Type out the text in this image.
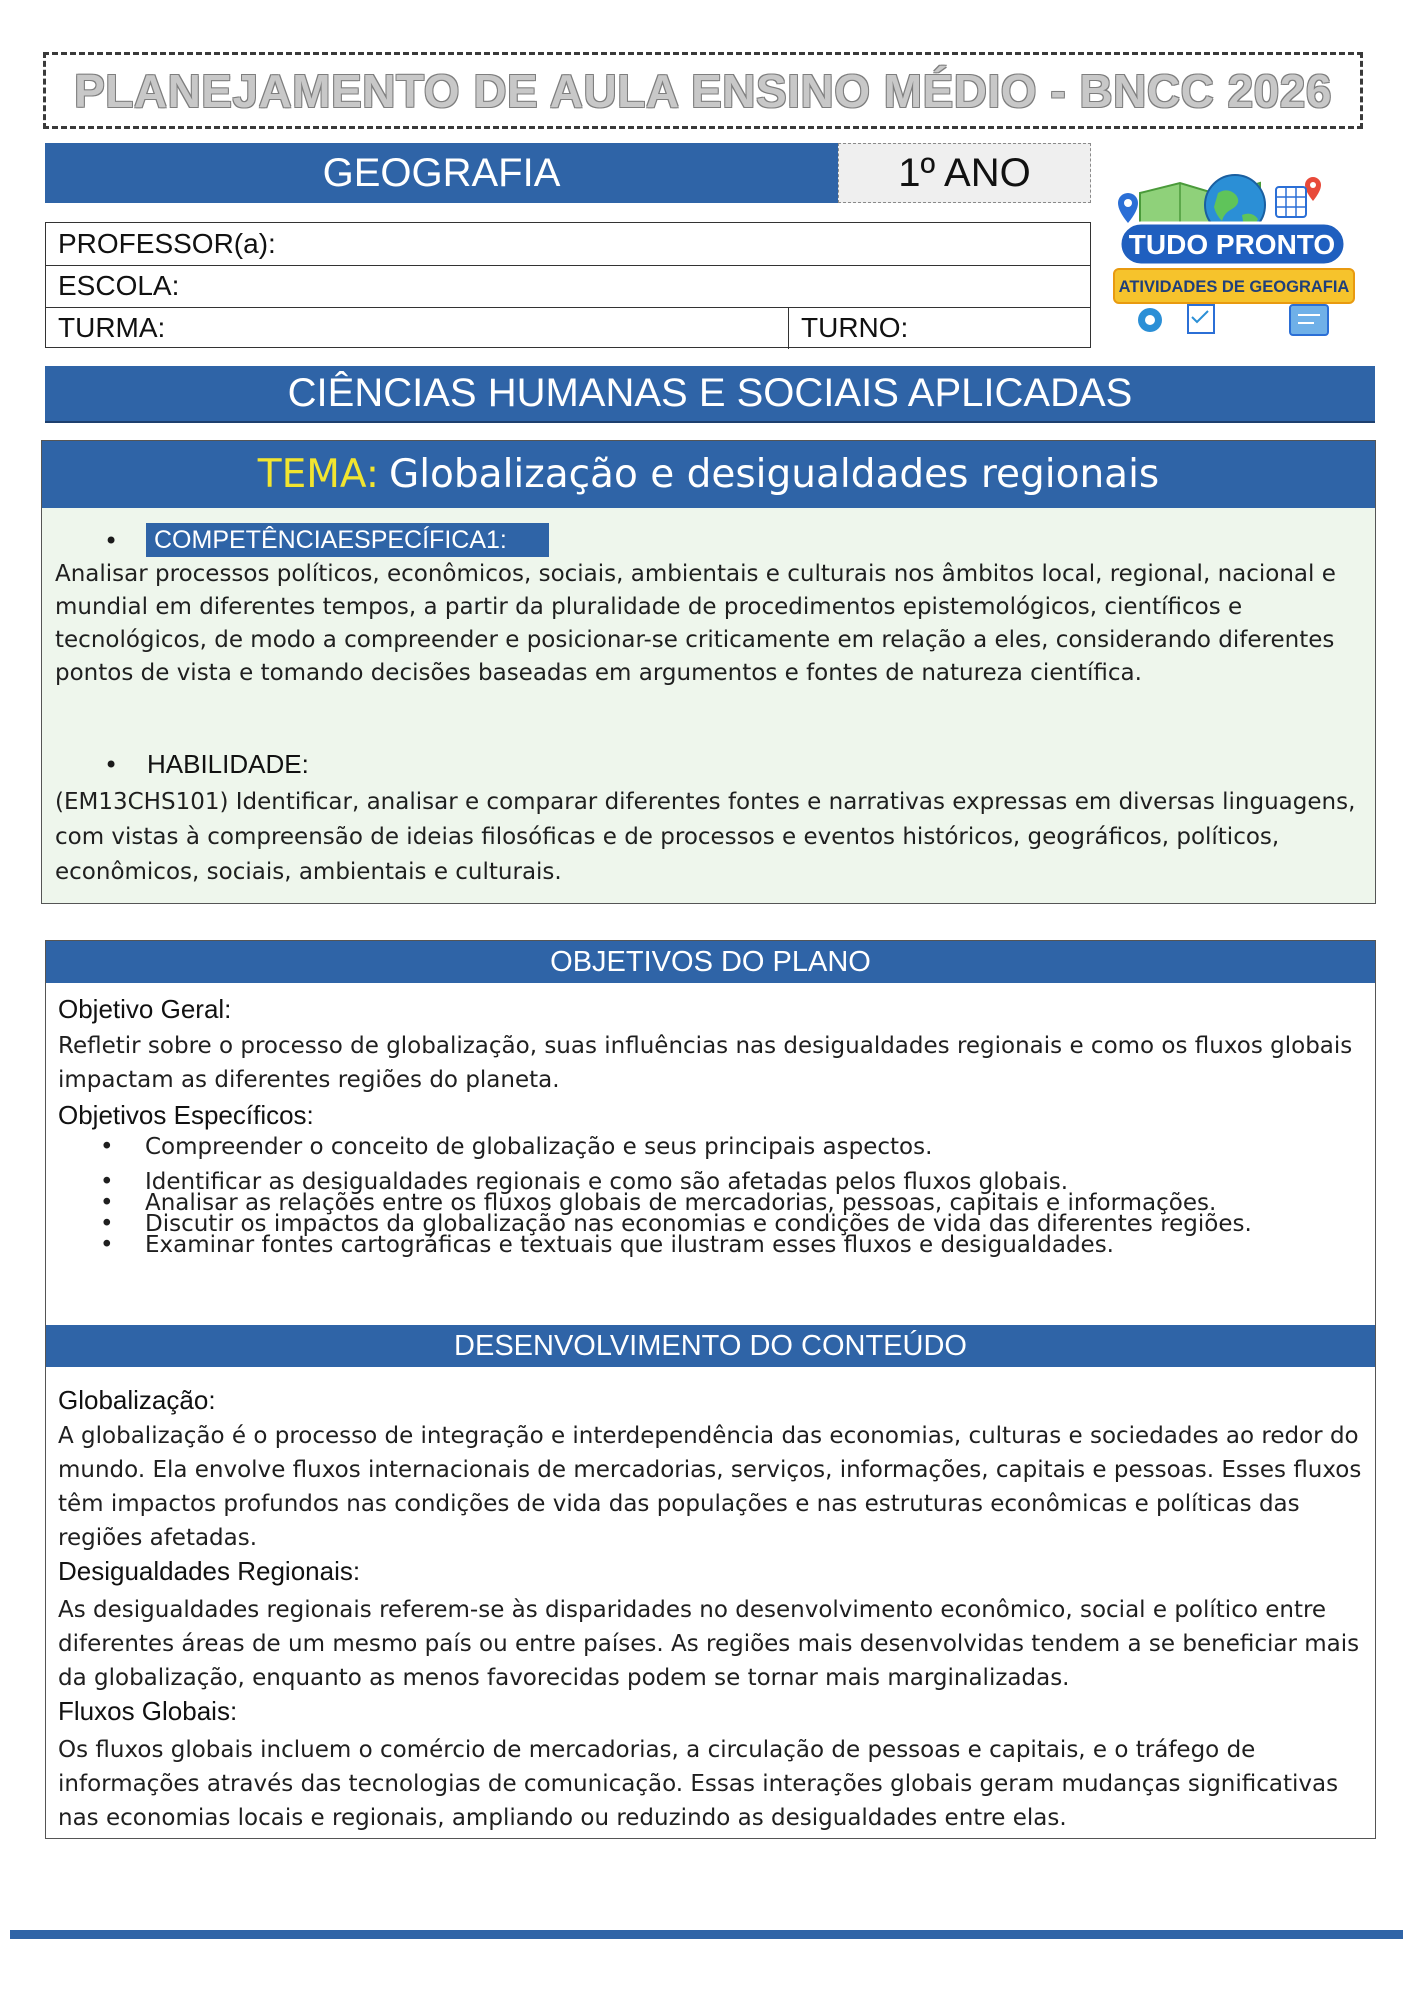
PLANEJAMENTO DE AULA ENSINO MÉDIO - BNCC 2026
GEOGRAFIA	1º ANO
PROFESSOR(a):
ESCOLA:
TURMA:	TURNO:
TUDO PRONTO
ATIVIDADES DE GEOGRAFIA
CIÊNCIAS HUMANAS E SOCIAIS APLICADAS
TEMA: Globalização e desigualdades regionais
•	COMPETÊNCIAESPECÍFICA1:
Analisar processos políticos, econômicos, sociais, ambientais e culturais nos âmbitos local, regional, nacional e mundial em diferentes tempos, a partir da pluralidade de procedimentos epistemológicos, científicos e tecnológicos, de modo a compreender e posicionar-se criticamente em relação a eles, considerando diferentes pontos de vista e tomando decisões baseadas em argumentos e fontes de natureza científica.
• HABILIDADE:
(EM13CHS101) Identificar, analisar e comparar diferentes fontes e narrativas expressas em diversas linguagens, com vistas à compreensão de ideias filosóficas e de processos e eventos históricos, geográficos, políticos, econômicos, sociais, ambientais e culturais.
OBJETIVOS DO PLANO
Objetivo Geral:
Refletir sobre o processo de globalização, suas influências nas desigualdades regionais e como os fluxos globais impactam as diferentes regiões do planeta.
Objetivos Específicos:
• Compreender o conceito de globalização e seus principais aspectos.
• Identificar as desigualdades regionais e como são afetadas pelos fluxos globais.
• Analisar as relações entre os fluxos globais de mercadorias, pessoas, capitais e informações.
• Discutir os impactos da globalização nas economias e condições de vida das diferentes regiões.
• Examinar fontes cartográficas e textuais que ilustram esses fluxos e desigualdades.
DESENVOLVIMENTO DO CONTEÚDO
Globalização:
A globalização é o processo de integração e interdependência das economias, culturas e sociedades ao redor do mundo. Ela envolve fluxos internacionais de mercadorias, serviços, informações, capitais e pessoas. Esses fluxos têm impactos profundos nas condições de vida das populações e nas estruturas econômicas e políticas das regiões afetadas.
Desigualdades Regionais:
As desigualdades regionais referem-se às disparidades no desenvolvimento econômico, social e político entre diferentes áreas de um mesmo país ou entre países. As regiões mais desenvolvidas tendem a se beneficiar mais da globalização, enquanto as menos favorecidas podem se tornar mais marginalizadas.
Fluxos Globais:
Os fluxos globais incluem o comércio de mercadorias, a circulação de pessoas e capitais, e o tráfego de informações através das tecnologias de comunicação. Essas interações globais geram mudanças significativas nas economias locais e regionais, ampliando ou reduzindo as desigualdades entre elas.
